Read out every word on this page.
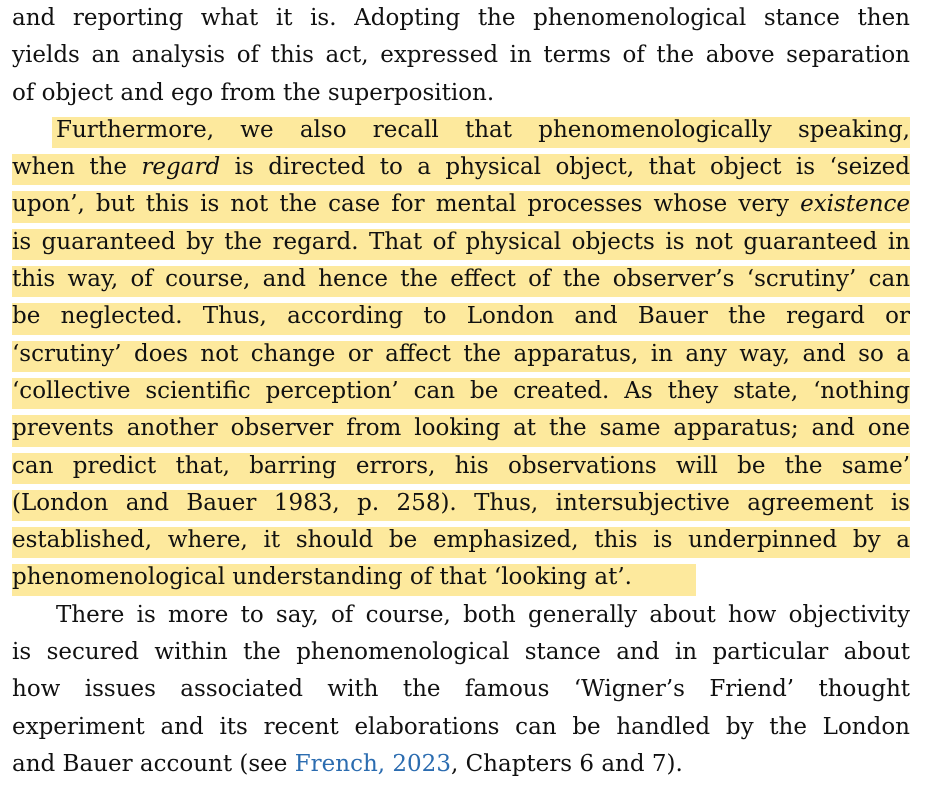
and reporting what it is. Adopting the phenomenological stance then
yields an analysis of this act, expressed in terms of the above separation
of object and ego from the superposition.
Furthermore, we also recall that phenomenologically speaking,
when the regard is directed to a physical object, that object is ‘seized
upon’, but this is not the case for mental processes whose very existence
is guaranteed by the regard. That of physical objects is not guaranteed in
this way, of course, and hence the effect of the observer’s ‘scrutiny’ can
be neglected. Thus, according to London and Bauer the regard or
‘scrutiny’ does not change or affect the apparatus, in any way, and so a
‘collective scientific perception’ can be created. As they state, ‘nothing
prevents another observer from looking at the same apparatus; and one
can predict that, barring errors, his observations will be the same’
(London and Bauer 1983, p. 258). Thus, intersubjective agreement is
established, where, it should be emphasized, this is underpinned by a
phenomenological understanding of that ‘looking at’.
There is more to say, of course, both generally about how objectivity
is secured within the phenomenological stance and in particular about
how issues associated with the famous ‘Wigner’s Friend’ thought
experiment and its recent elaborations can be handled by the London
and Bauer account (see French, 2023, Chapters 6 and 7).
